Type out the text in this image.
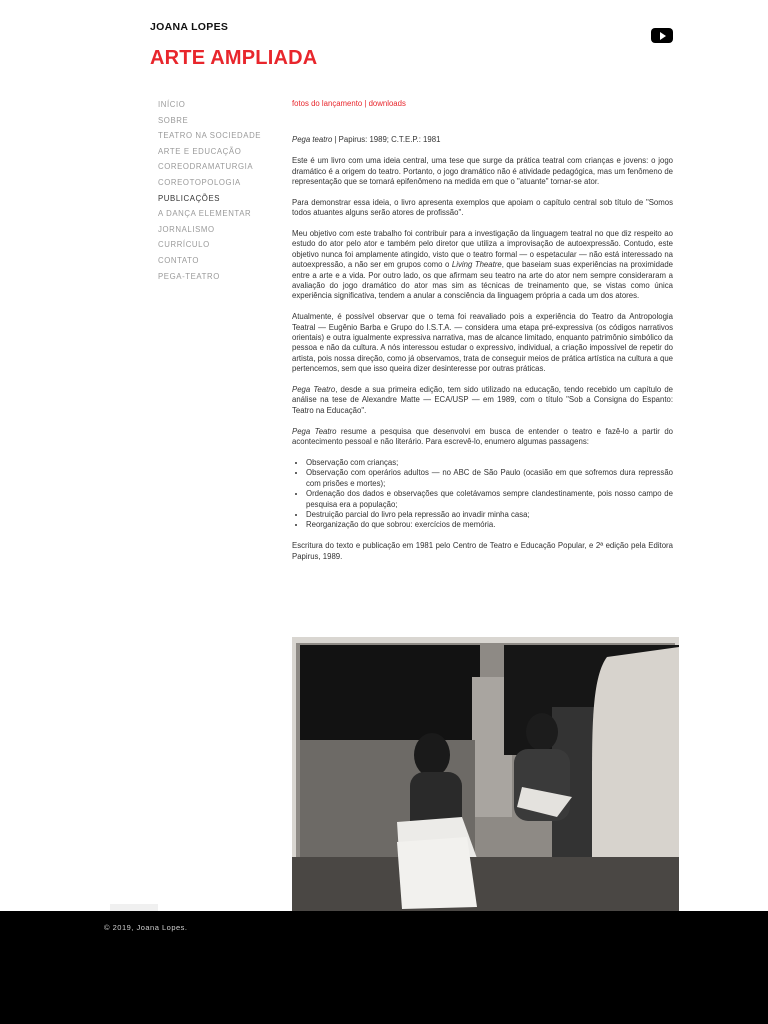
JOANA LOPES
ARTE AMPLIADA
INÍCIO
SOBRE
TEATRO NA SOCIEDADE
ARTE E EDUCAÇÃO
COREODRAMATURGIA
COREOTOPOLOGIA
PUBLICAÇÕES
A DANÇA ELEMENTAR
JORNALISMO
CURRÍCULO
CONTATO
PEGA-TEATRO

fotos do lançamento | downloads

Pega teatro | Papirus: 1989; C.T.E.P.: 1981

Este é um livro com uma ideia central, uma tese que surge da prática teatral com crianças e jovens: o jogo dramático é a origem do teatro. Portanto, o jogo dramático não é atividade pedagógica, mas um fenômeno de representação que se tornará epifenômeno na medida em que o "atuante" tornar-se ator.

Para demonstrar essa ideia, o livro apresenta exemplos que apoiam o capítulo central sob título de "Somos todos atuantes alguns serão atores de profissão".

Meu objetivo com este trabalho foi contribuir para a investigação da linguagem teatral no que diz respeito ao estudo do ator pelo ator e também pelo diretor que utiliza a improvisação de autoexpressão. Contudo, este objetivo nunca foi amplamente atingido, visto que o teatro formal — o espetacular — não está interessado na autoexpressão, a não ser em grupos como o Living Theatre, que baseiam suas experiências na proximidade entre a arte e a vida. Por outro lado, os que afirmam seu teatro na arte do ator nem sempre consideraram a avaliação do jogo dramático do ator mas sim as técnicas de treinamento que, se vistas como única experiência significativa, tendem a anular a consciência da linguagem própria a cada um dos atores.

Atualmente, é possível observar que o tema foi reavaliado pois a experiência do Teatro da Antropologia Teatral — Eugênio Barba e Grupo do I.S.T.A. — considera uma etapa pré-expressiva (os códigos narrativos orientais) e outra igualmente expressiva narrativa, mas de alcance limitado, enquanto patrimônio simbólico da pessoa e não da cultura. A nós interessou estudar o expressivo, individual, a criação impossível de repetir do artista, pois nossa direção, como já observamos, trata de conseguir meios de prática artística na cultura a que pertencemos, sem que isso queira dizer desinteresse por outras práticas.

Pega Teatro, desde a sua primeira edição, tem sido utilizado na educação, tendo recebido um capítulo de análise na tese de Alexandre Matte — ECA/USP — em 1989, com o título "Sob a Consigna do Espanto: Teatro na Educação".

Pega Teatro resume a pesquisa que desenvolvi em busca de entender o teatro e fazê-lo a partir do acontecimento pessoal e não literário. Para escrevê-lo, enumero algumas passagens:

• Observação com crianças;
• Observação com operários adultos — no ABC de São Paulo (ocasião em que sofremos dura repressão com prisões e mortes);
• Ordenação dos dados e observações que coletávamos sempre clandestinamente, pois nosso campo de pesquisa era a população;
• Destruição parcial do livro pela repressão ao invadir minha casa;
• Reorganização do que sobrou: exercícios de memória.

Escritura do texto e publicação em 1981 pelo Centro de Teatro e Educação Popular, e 2ª edição pela Editora Papirus, 1989.

© 2019, Joana Lopes.
